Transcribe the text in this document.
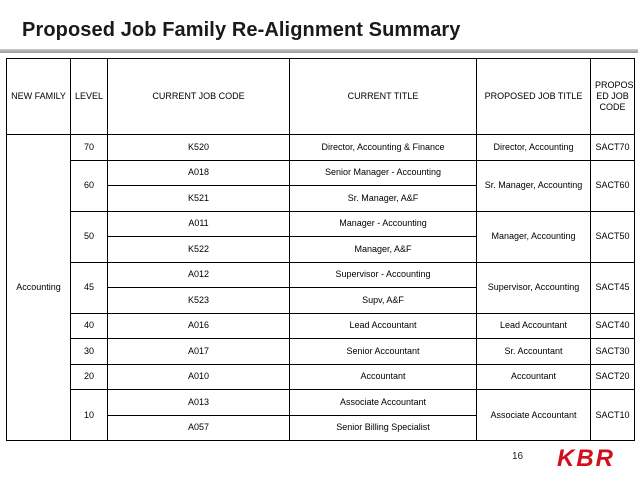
Proposed Job Family Re-Alignment Summary
NEW FAMILY	LEVEL	CURRENT JOB CODE	CURRENT TITLE	PROPOSED JOB TITLE	PROPOS ED JOB CODE
Accounting	70	K520	Director, Accounting & Finance	Director, Accounting	SACT70
	60	A018	Senior Manager - Accounting	Sr. Manager, Accounting	SACT60
		K521	Sr. Manager, A&F		
	50	A011	Manager - Accounting	Manager, Accounting	SACT50
		K522	Manager, A&F		
	45	A012	Supervisor - Accounting	Supervisor, Accounting	SACT45
		K523	Supv, A&F		
	40	A016	Lead Accountant	Lead Accountant	SACT40
	30	A017	Senior Accountant	Sr. Accountant	SACT30
	20	A010	Accountant	Accountant	SACT20
	10	A013	Associate Accountant	Associate Accountant	SACT10
		A057	Senior Billing Specialist		
16 KBR
